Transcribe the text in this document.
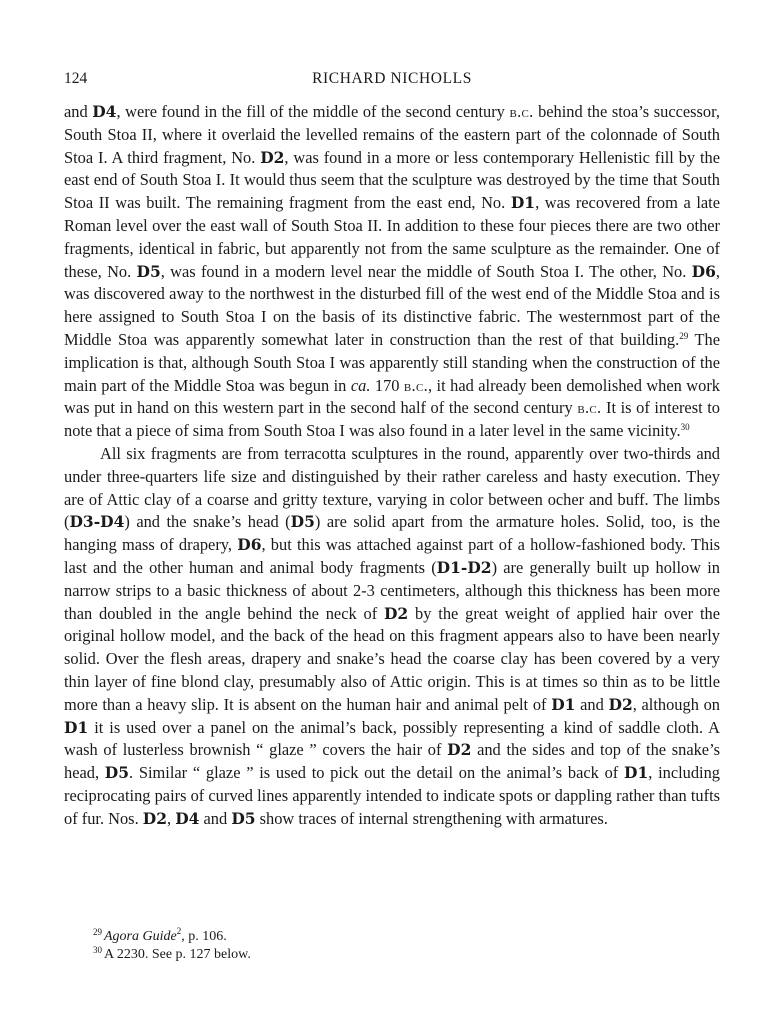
124	RICHARD NICHOLLS

and D4, were found in the fill of the middle of the second century b.c. behind the stoa’s successor, South Stoa II, where it overlaid the levelled remains of the eastern part of the colonnade of South Stoa I. A third fragment, No. D2, was found in a more or less contemporary Hellenistic fill by the east end of South Stoa I. It would thus seem that the sculpture was destroyed by the time that South Stoa II was built. The remaining fragment from the east end, No. D1, was recovered from a late Roman level over the east wall of South Stoa II. In addition to these four pieces there are two other fragments, identical in fabric, but apparently not from the same sculpture as the remainder. One of these, No. D5, was found in a modern level near the middle of South Stoa I. The other, No. D6, was discovered away to the northwest in the disturbed fill of the west end of the Middle Stoa and is here assigned to South Stoa I on the basis of its distinctive fabric. The westernmost part of the Middle Stoa was apparently somewhat later in construction than the rest of that building.$^{29}$ The implication is that, although South Stoa I was apparently still standing when the construction of the main part of the Middle Stoa was begun in ca. 170 b.c., it had already been demolished when work was put in hand on this western part in the second half of the second century b.c. It is of interest to note that a piece of sima from South Stoa I was also found in a later level in the same vicinity.$^{30}$

All six fragments are from terracotta sculptures in the round, apparently over two-thirds and under three-quarters life size and distinguished by their rather careless and hasty execution. They are of Attic clay of a coarse and gritty texture, varying in color between ocher and buff. The limbs (D3-D4) and the snake’s head (D5) are solid apart from the armature holes. Solid, too, is the hanging mass of drapery, D6, but this was attached against part of a hollow-fashioned body. This last and the other human and animal body fragments (D1-D2) are generally built up hollow in narrow strips to a basic thickness of about 2-3 centimeters, although this thickness has been more than doubled in the angle behind the neck of D2 by the great weight of applied hair over the original hollow model, and the back of the head on this fragment appears also to have been nearly solid. Over the flesh areas, drapery and snake’s head the coarse clay has been covered by a very thin layer of fine blond clay, presumably also of Attic origin. This is at times so thin as to be little more than a heavy slip. It is absent on the human hair and animal pelt of D1 and D2, although on D1 it is used over a panel on the animal’s back, possibly representing a kind of saddle cloth. A wash of lusterless brownish “ glaze ” covers the hair of D2 and the sides and top of the snake’s head, D5. Similar “ glaze ” is used to pick out the detail on the animal’s back of D1, including reciprocating pairs of curved lines apparently intended to indicate spots or dappling rather than tufts of fur. Nos. D2, D4 and D5 show traces of internal strengthening with armatures.

$^{29}$ Agora Guide$^2$, p. 106.

$^{30}$ A 2230. See p. 127 below.
